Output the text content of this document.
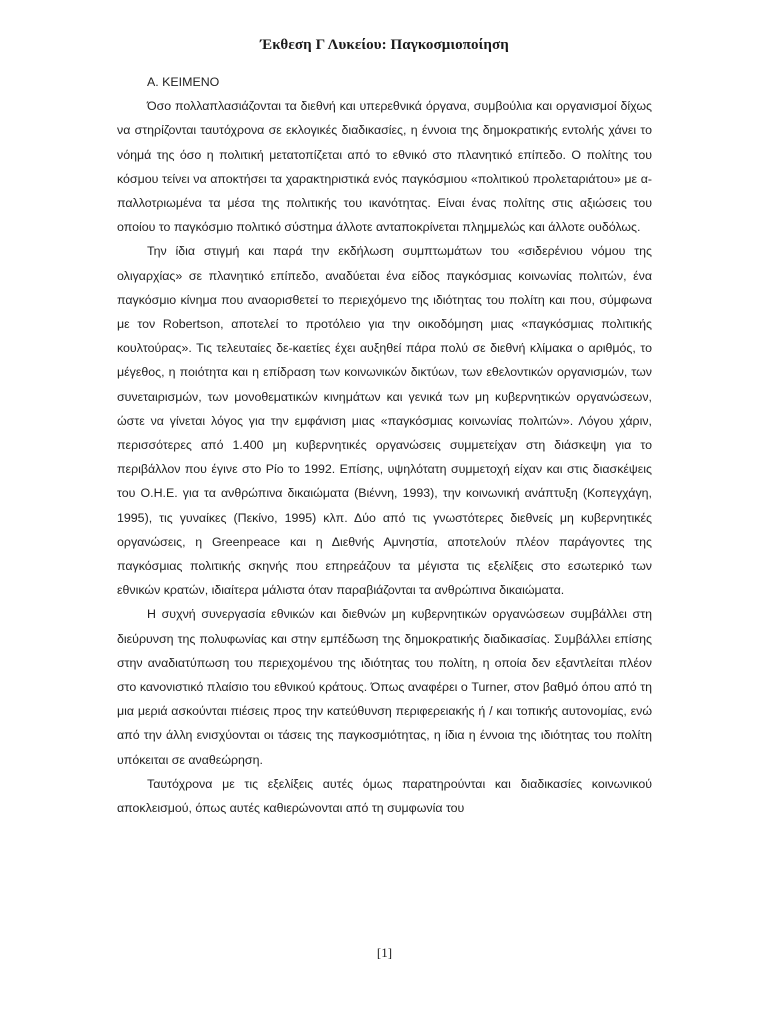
Έκθεση Γ Λυκείου: Παγκοσμιοποίηση

Α. ΚΕΙΜΕΝΟ

Όσο πολλαπλασιάζονται τα διεθνή και υπερεθνικά όργανα, συμβούλια και οργανισμοί δίχως να στηρίζονται ταυτόχρονα σε εκλογικές διαδικασίες, η έννοια της δημοκρατικής εντολής χάνει το νόημά της όσο η πολιτική μετατοπίζεται από το εθνικό στο πλανητικό επίπεδο. Ο πολίτης του κόσμου τείνει να αποκτήσει τα χαρακτηριστικά ενός παγκόσμιου «πολιτικού προλεταριάτου» με α-παλλοτριωμένα τα μέσα της πολιτικής του ικανότητας. Είναι ένας πολίτης στις αξιώσεις του οποίου το παγκόσμιο πολιτικό σύστημα άλλοτε ανταποκρίνεται πλημμελώς και άλλοτε ουδόλως.

Την ίδια στιγμή και παρά την εκδήλωση συμπτωμάτων του «σιδερένιου νόμου της ολιγαρχίας» σε πλανητικό επίπεδο, αναδύεται ένα είδος παγκόσμιας κοινωνίας πολιτών, ένα παγκόσμιο κίνημα που αναορισθετεί το περιεχόμενο της ιδιότητας του πολίτη και που, σύμφωνα με τον Robertson, αποτελεί το προτόλειο για την οικοδόμηση μιας «παγκόσμιας πολιτικής κουλτούρας». Τις τελευταίες δε-καετίες έχει αυξηθεί πάρα πολύ σε διεθνή κλίμακα ο αριθμός, το μέγεθος, η ποιότητα και η επίδραση των κοινωνικών δικτύων, των εθελοντικών οργανισμών, των συνεταιρισμών, των μονοθεματικών κινημάτων και γενικά των μη κυβερνητικών οργανώσεων, ώστε να γίνεται λόγος για την εμφάνιση μιας «παγκόσμιας κοινωνίας πολιτών». Λόγου χάριν, περισσότερες από 1.400 μη κυβερνητικές οργανώσεις συμμετείχαν στη διάσκεψη για το περιβάλλον που έγινε στο Ρίο το 1992. Επίσης, υψηλότατη συμμετοχή είχαν και στις διασκέψεις του Ο.Η.Ε. για τα ανθρώπινα δικαιώματα (Βιέννη, 1993), την κοινωνική ανάπτυξη (Κοπεγχάγη, 1995), τις γυναίκες (Πεκίνο, 1995) κλπ. Δύο από τις γνωστότερες διεθνείς μη κυβερνητικές οργανώσεις, η Greenpeace και η Διεθνής Αμνηστία, αποτελούν πλέον παράγοντες της παγκόσμιας πολιτικής σκηνής που επηρεάζουν τα μέγιστα τις εξελίξεις στο εσωτερικό των εθνικών κρατών, ιδιαίτερα μάλιστα όταν παραβιάζονται τα ανθρώπινα δικαιώματα.

Η συχνή συνεργασία εθνικών και διεθνών μη κυβερνητικών οργανώσεων συμβάλλει στη διεύρυνση της πολυφωνίας και στην εμπέδωση της δημοκρατικής διαδικασίας. Συμβάλλει επίσης στην αναδιατύπωση του περιεχομένου της ιδιότητας του πολίτη, η οποία δεν εξαντλείται πλέον στο κανονιστικό πλαίσιο του εθνικού κράτους. Όπως αναφέρει ο Turner, στον βαθμό όπου από τη μια μεριά ασκούνται πιέσεις προς την κατεύθυνση περιφερειακής ή / και τοπικής αυτονομίας, ενώ από την άλλη ενισχύονται οι τάσεις της παγκοσμιότητας, η ίδια η έννοια της ιδιότητας του πολίτη υπόκειται σε αναθεώρηση.

Ταυτόχρονα με τις εξελίξεις αυτές όμως παρατηρούνται και διαδικασίες κοινωνικού αποκλεισμού, όπως αυτές καθιερώνονται από τη συμφωνία του

[1]
